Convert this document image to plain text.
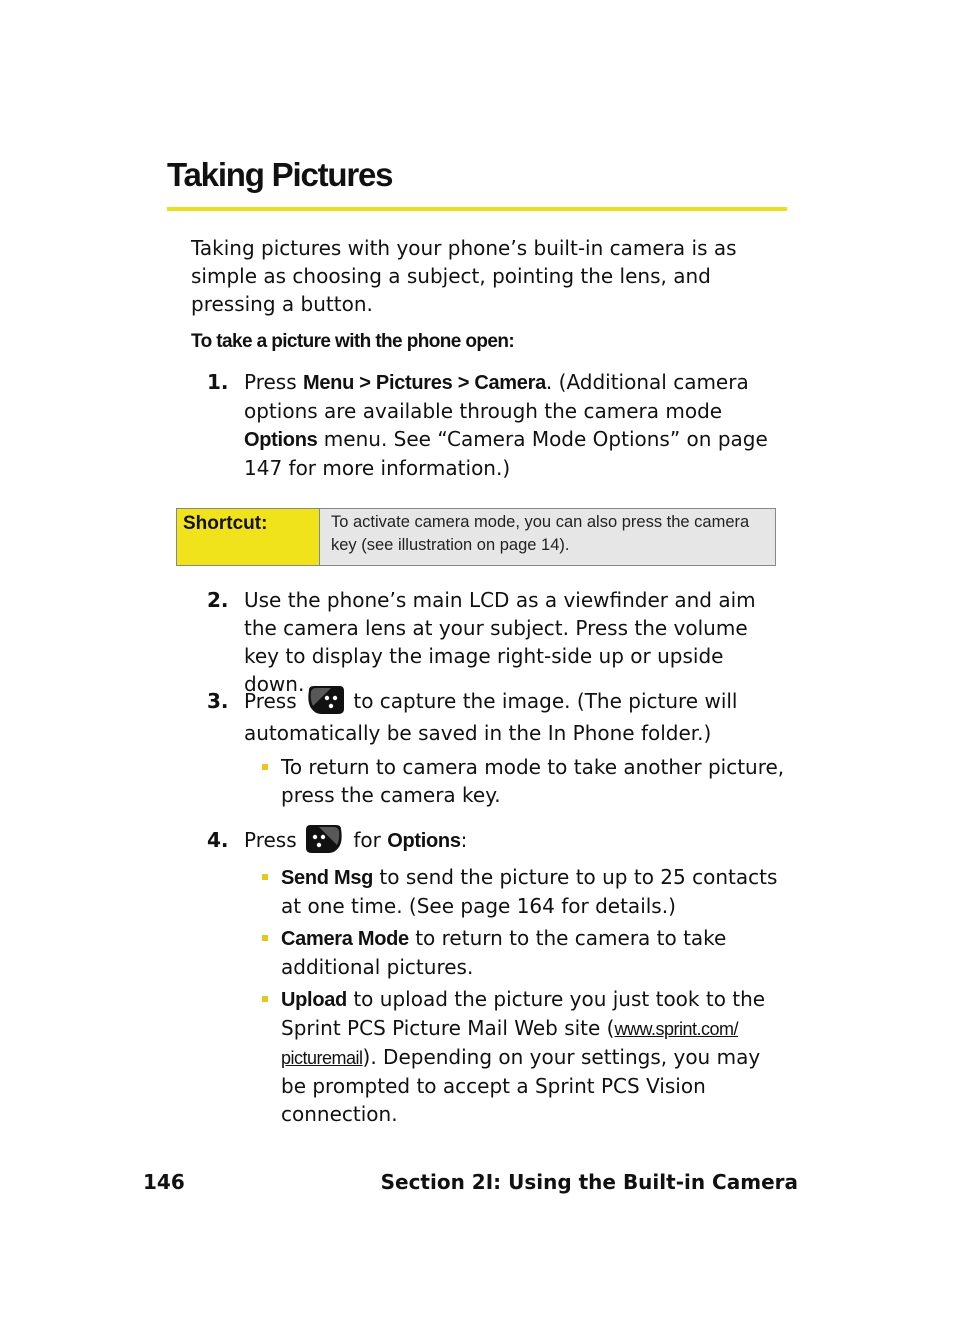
Taking Pictures
Taking pictures with your phone’s built-in camera is as simple as choosing a subject, pointing the lens, and pressing a button.
To take a picture with the phone open:
1. Press Menu > Pictures > Camera. (Additional camera options are available through the camera mode Options menu. See “Camera Mode Options” on page 147 for more information.)
Shortcut:	To activate camera mode, you can also press the camera key (see illustration on page 14).
2. Use the phone’s main LCD as a viewfinder and aim the camera lens at your subject. Press the volume key to display the image right-side up or upside down.
3. Press	to capture the image. (The picture will automatically be saved in the In Phone folder.)
To return to camera mode to take another picture, press the camera key.
4. Press	for Options:
Send Msg to send the picture to up to 25 contacts at one time. (See page 164 for details.)
Camera Mode to return to the camera to take additional pictures.
Upload to upload the picture you just took to the Sprint PCS Picture Mail Web site (www.sprint.com/
picturemail). Depending on your settings, you may be prompted to accept a Sprint PCS Vision connection.
146	Section 2I: Using the Built-in Camera
